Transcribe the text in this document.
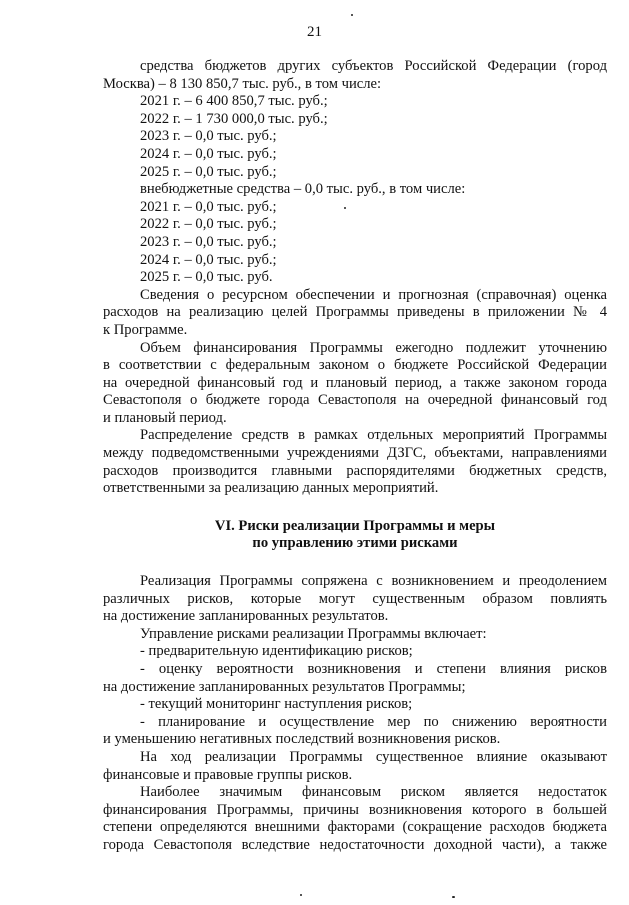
21
средства бюджетов других субъектов Российской Федерации (город
Москва) – 8 130 850,7 тыс. руб., в том числе:
2021 г. – 6 400 850,7 тыс. руб.;
2022 г. – 1 730 000,0 тыс. руб.;
2023 г. – 0,0 тыс. руб.;
2024 г. – 0,0 тыс. руб.;
2025 г. – 0,0 тыс. руб.;
внебюджетные средства – 0,0 тыс. руб., в том числе:
2021 г. – 0,0 тыс. руб.;
2022 г. – 0,0 тыс. руб.;
2023 г. – 0,0 тыс. руб.;
2024 г. – 0,0 тыс. руб.;
2025 г. – 0,0 тыс. руб.
Сведения о ресурсном обеспечении и прогнозная (справочная) оценка
расходов на реализацию целей Программы приведены в приложении № 4
к Программе.
Объем финансирования Программы ежегодно подлежит уточнению
в соответствии с федеральным законом о бюджете Российской Федерации
на очередной финансовый год и плановый период, а также законом города
Севастополя о бюджете города Севастополя на очередной финансовый год
и плановый период.
Распределение средств в рамках отдельных мероприятий Программы
между подведомственными учреждениями ДЗГС, объектами, направлениями
расходов производится главными распорядителями бюджетных средств,
ответственными за реализацию данных мероприятий.
VI. Риски реализации Программы и меры
по управлению этими рисками
Реализация Программы сопряжена с возникновением и преодолением
различных рисков, которые могут существенным образом повлиять
на достижение запланированных результатов.
Управление рисками реализации Программы включает:
- предварительную идентификацию рисков;
- оценку вероятности возникновения и степени влияния рисков
на достижение запланированных результатов Программы;
- текущий мониторинг наступления рисков;
- планирование и осуществление мер по снижению вероятности
и уменьшению негативных последствий возникновения рисков.
На ход реализации Программы существенное влияние оказывают
финансовые и правовые группы рисков.
Наиболее значимым финансовым риском является недостаток
финансирования Программы, причины возникновения которого в большей
степени определяются внешними факторами (сокращение расходов бюджета
города Севастополя вследствие недостаточности доходной части), а также
